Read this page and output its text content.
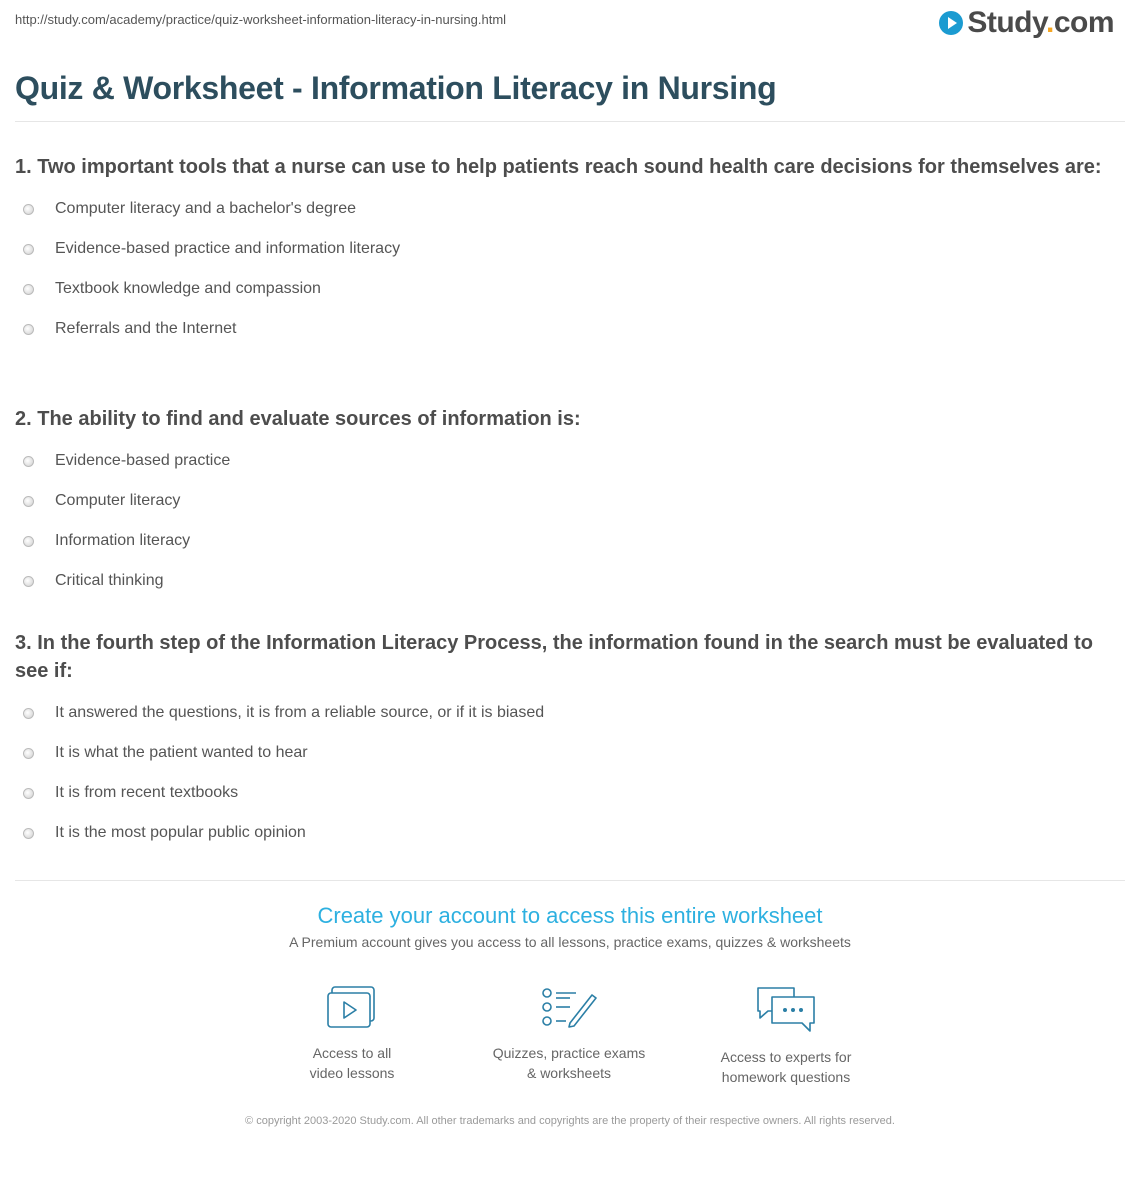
http://study.com/academy/practice/quiz-worksheet-information-literacy-in-nursing.html	Study.com
Quiz & Worksheet - Information Literacy in Nursing

1. Two important tools that a nurse can use to help patients reach sound health care decisions for themselves are:

Computer literacy and a bachelor's degree
Evidence-based practice and information literacy
Textbook knowledge and compassion
Referrals and the Internet

2. The ability to find and evaluate sources of information is:

Evidence-based practice
Computer literacy
Information literacy
Critical thinking

3. In the fourth step of the Information Literacy Process, the information found in the search must be evaluated to see if:

It answered the questions, it is from a reliable source, or if it is biased
It is what the patient wanted to hear
It is from recent textbooks
It is the most popular public opinion
Create your account to access this entire worksheet
A Premium account gives you access to all lessons, practice exams, quizzes & worksheets
Access to all
video lessons
Quizzes, practice exams
& worksheets
Access to experts for
homework questions
© copyright 2003-2020 Study.com. All other trademarks and copyrights are the property of their respective owners. All rights reserved.
